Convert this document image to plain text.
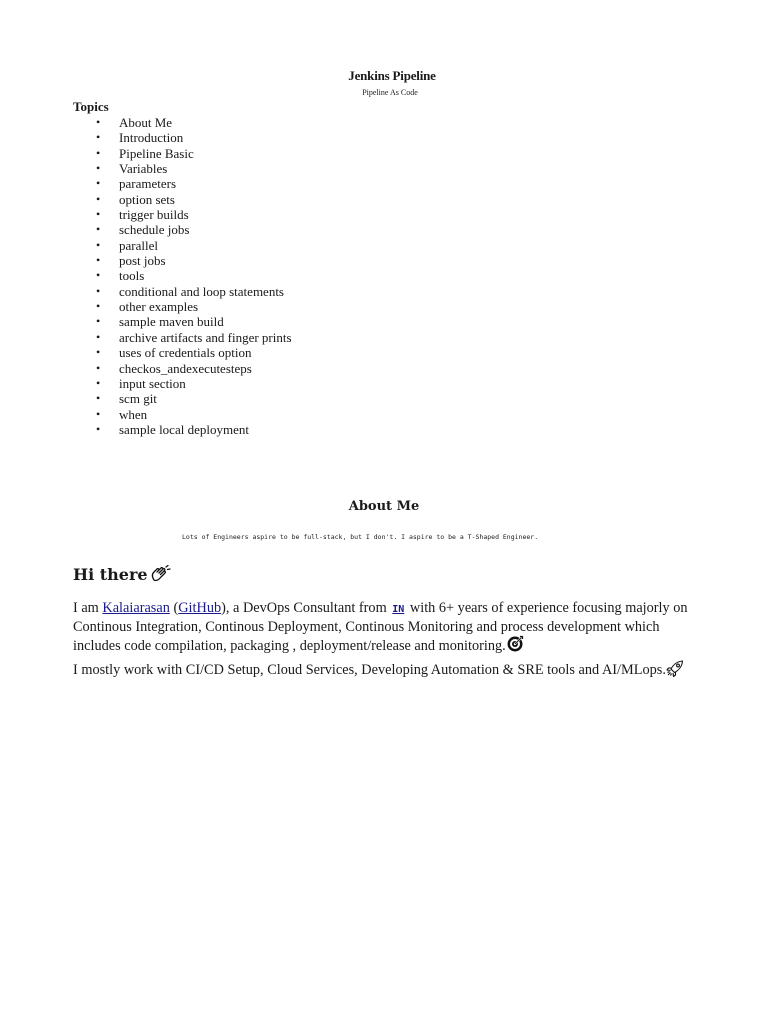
Jenkins Pipeline
Pipeline As Code
Topics
• About Me
• Introduction
• Pipeline Basic
• Variables
• parameters
• option sets
• trigger builds
• schedule jobs
• parallel
• post jobs
• tools
• conditional and loop statements
• other examples
• sample maven build
• archive artifacts and finger prints
• uses of credentials option
• checkos_andexecutesteps
• input section
• scm git
• when
• sample local deployment
About Me
Lots of Engineers aspire to be full-stack, but I don't. I aspire to be a T-Shaped Engineer.
Hi there
I am Kalaiarasan (GitHub), a DevOps Consultant from IN with 6+ years of experience focusing majorly on Continous Integration, Continous Deployment, Continous Monitoring and process development which includes code compilation, packaging , deployment/release and monitoring.
I mostly work with CI/CD Setup, Cloud Services, Developing Automation & SRE tools and AI/MLops.
